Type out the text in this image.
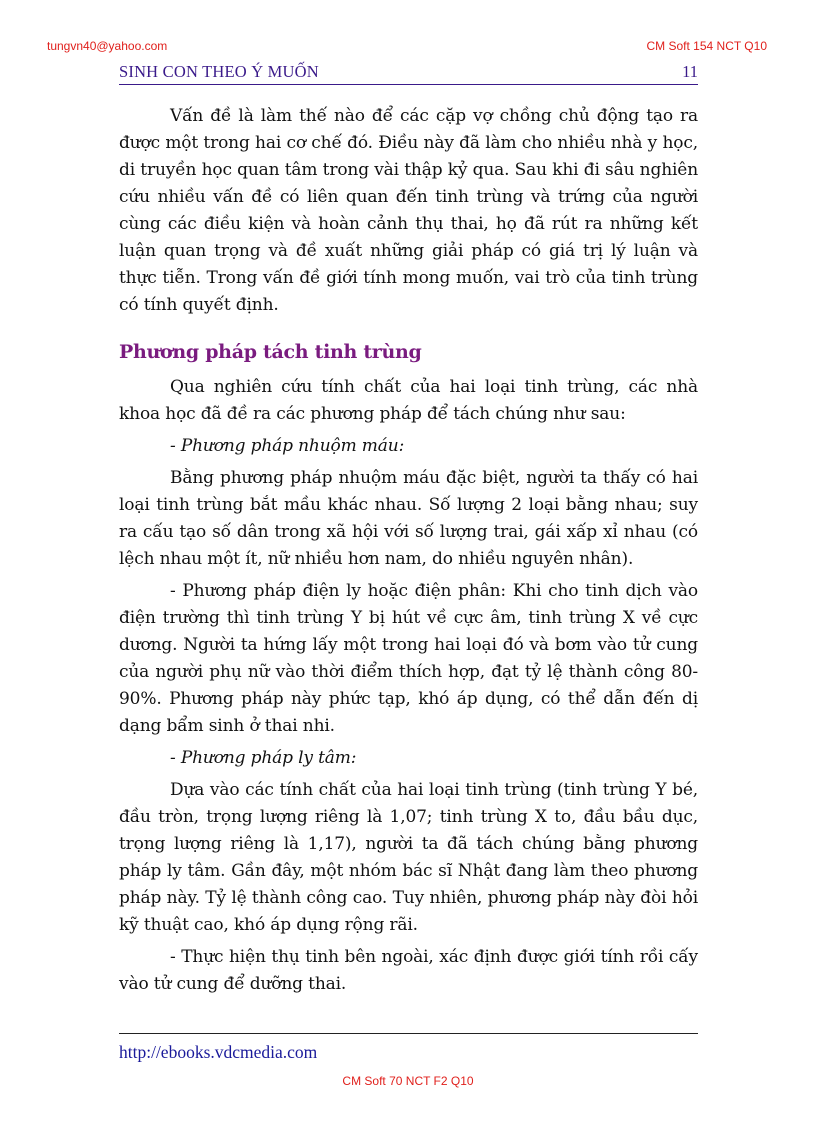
tungvn40@yahoo.com	CM Soft 154 NCT Q10
SINH CON THEO Ý MUỐN	11

Vấn đề là làm thế nào để các cặp vợ chồng chủ động tạo ra được một trong hai cơ chế đó. Điều này đã làm cho nhiều nhà y học, di truyền học quan tâm trong vài thập kỷ qua. Sau khi đi sâu nghiên cứu nhiều vấn đề có liên quan đến tinh trùng và trứng của người cùng các điều kiện và hoàn cảnh thụ thai, họ đã rút ra những kết luận quan trọng và đề xuất những giải pháp có giá trị lý luận và thực tiễn. Trong vấn đề giới tính mong muốn, vai trò của tinh trùng có tính quyết định.

Phương pháp tách tinh trùng

Qua nghiên cứu tính chất của hai loại tinh trùng, các nhà khoa học đã đề ra các phương pháp để tách chúng như sau:

- Phương pháp nhuộm máu:

Bằng phương pháp nhuộm máu đặc biệt, người ta thấy có hai loại tinh trùng bắt mầu khác nhau. Số lượng 2 loại bằng nhau; suy ra cấu tạo số dân trong xã hội với số lượng trai, gái xấp xỉ nhau (có lệch nhau một ít, nữ nhiều hơn nam, do nhiều nguyên nhân).

- Phương pháp điện ly hoặc điện phân: Khi cho tinh dịch vào điện trường thì tinh trùng Y bị hút về cực âm, tinh trùng X về cực dương. Người ta hứng lấy một trong hai loại đó và bơm vào tử cung của người phụ nữ vào thời điểm thích hợp, đạt tỷ lệ thành công 80-90%. Phương pháp này phức tạp, khó áp dụng, có thể dẫn đến dị dạng bẩm sinh ở thai nhi.

- Phương pháp ly tâm:

Dựa vào các tính chất của hai loại tinh trùng (tinh trùng Y bé, đầu tròn, trọng lượng riêng là 1,07; tinh trùng X to, đầu bầu dục, trọng lượng riêng là 1,17), người ta đã tách chúng bằng phương pháp ly tâm. Gần đây, một nhóm bác sĩ Nhật đang làm theo phương pháp này. Tỷ lệ thành công cao. Tuy nhiên, phương pháp này đòi hỏi kỹ thuật cao, khó áp dụng rộng rãi.

- Thực hiện thụ tinh bên ngoài, xác định được giới tính rồi cấy vào tử cung để dưỡng thai.

http://ebooks.vdcmedia.com
CM Soft 70 NCT F2 Q10
